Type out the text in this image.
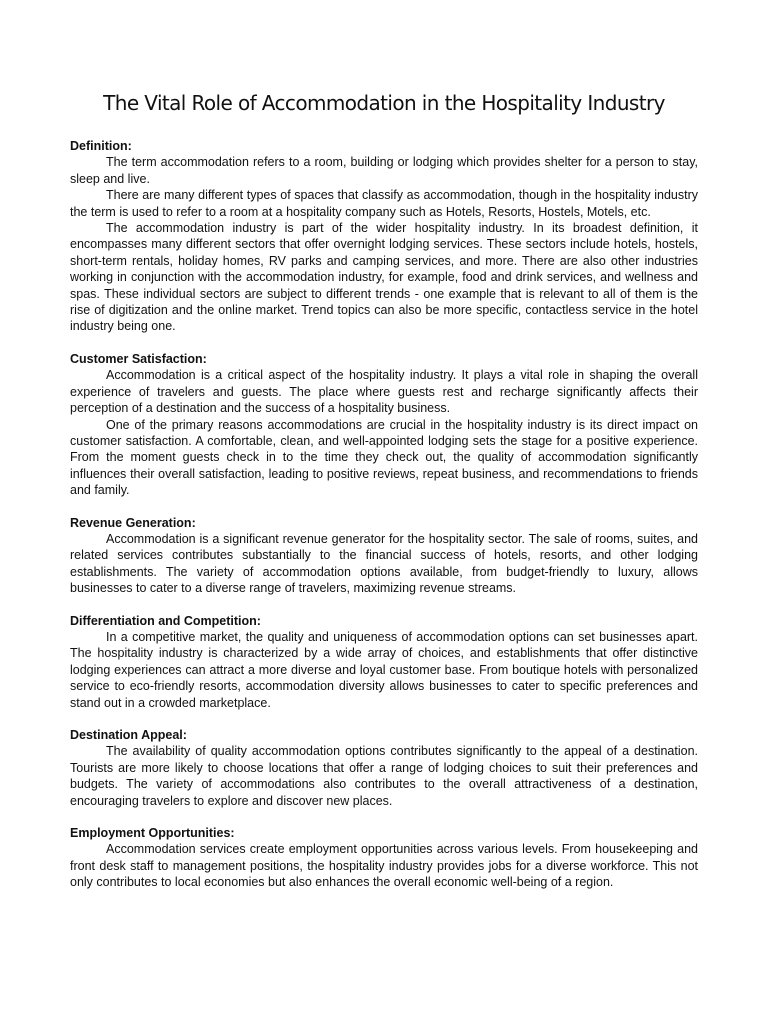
The Vital Role of Accommodation in the Hospitality Industry
Definition:

The term accommodation refers to a room, building or lodging which provides shelter for a person to stay, sleep and live.

There are many different types of spaces that classify as accommodation, though in the hospitality industry the term is used to refer to a room at a hospitality company such as Hotels, Resorts, Hostels, Motels, etc.

The accommodation industry is part of the wider hospitality industry. In its broadest definition, it encompasses many different sectors that offer overnight lodging services. These sectors include hotels, hostels, short-term rentals, holiday homes, RV parks and camping services, and more. There are also other industries working in conjunction with the accommodation industry, for example, food and drink services, and wellness and spas. These individual sectors are subject to different trends - one example that is relevant to all of them is the rise of digitization and the online market. Trend topics can also be more specific, contactless service in the hotel industry being one.

Customer Satisfaction:

Accommodation is a critical aspect of the hospitality industry. It plays a vital role in shaping the overall experience of travelers and guests. The place where guests rest and recharge significantly affects their perception of a destination and the success of a hospitality business.

One of the primary reasons accommodations are crucial in the hospitality industry is its direct impact on customer satisfaction. A comfortable, clean, and well-appointed lodging sets the stage for a positive experience. From the moment guests check in to the time they check out, the quality of accommodation significantly influences their overall satisfaction, leading to positive reviews, repeat business, and recommendations to friends and family.

Revenue Generation:

Accommodation is a significant revenue generator for the hospitality sector. The sale of rooms, suites, and related services contributes substantially to the financial success of hotels, resorts, and other lodging establishments. The variety of accommodation options available, from budget-friendly to luxury, allows businesses to cater to a diverse range of travelers, maximizing revenue streams.

Differentiation and Competition:

In a competitive market, the quality and uniqueness of accommodation options can set businesses apart. The hospitality industry is characterized by a wide array of choices, and establishments that offer distinctive lodging experiences can attract a more diverse and loyal customer base. From boutique hotels with personalized service to eco-friendly resorts, accommodation diversity allows businesses to cater to specific preferences and stand out in a crowded marketplace.

Destination Appeal:

The availability of quality accommodation options contributes significantly to the appeal of a destination. Tourists are more likely to choose locations that offer a range of lodging choices to suit their preferences and budgets. The variety of accommodations also contributes to the overall attractiveness of a destination, encouraging travelers to explore and discover new places.

Employment Opportunities:

Accommodation services create employment opportunities across various levels. From housekeeping and front desk staff to management positions, the hospitality industry provides jobs for a diverse workforce. This not only contributes to local economies but also enhances the overall economic well-being of a region.
